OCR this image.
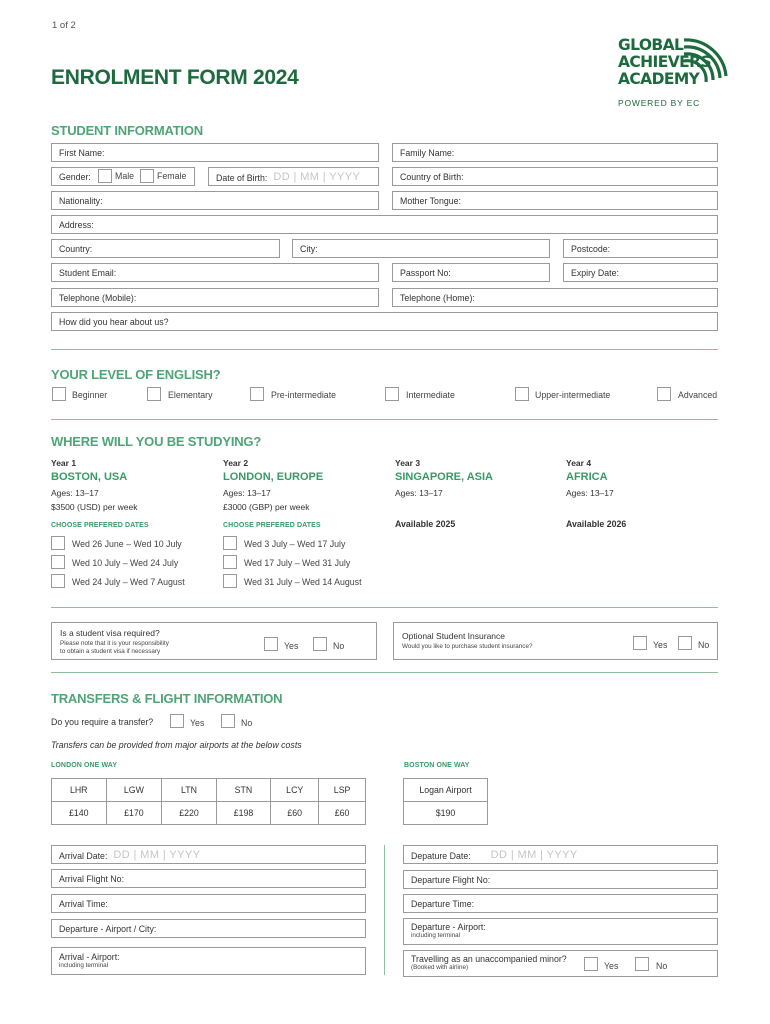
1 of 2
ENROLMENT FORM 2024
GLOBAL
ACHIEVERS
ACADEMY
POWERED BY EC
STUDENT INFORMATION
First Name:	Family Name:
Gender:	Male	Female	Date of Birth: DD | MM | YYYY	Country of Birth:
Nationality:	Mother Tongue:
Address:
Country:	City:	Postcode:
Student Email:	Passport No:	Expiry Date:
Telephone (Mobile):	Telephone (Home):
How did you hear about us?
YOUR LEVEL OF ENGLISH?
Beginner	Elementary	Pre-intermediate	Intermediate	Upper-intermediate	Advanced
WHERE WILL YOU BE STUDYING?
Year 1
BOSTON, USA
Ages: 13–17
$3500 (USD) per week
CHOOSE PREFERED DATES
Wed 26 June – Wed 10 July
Wed 10 July – Wed 24 July
Wed 24 July – Wed 7 August
Year 2
LONDON, EUROPE
Ages: 13–17
£3000 (GBP) per week
CHOOSE PREFERED DATES
Wed 3 July – Wed 17 July
Wed 17 July – Wed 31 July
Wed 31 July – Wed 14 August
Year 3
SINGAPORE, ASIA
Ages: 13–17
Available 2025
Year 4
AFRICA
Ages: 13–17
Available 2026
Is a student visa required?
Please note that it is your responsibility
to obtain a student visa if necessary
Yes	No
Optional Student Insurance
Would you like to purchase student insurance?	Yes	No
TRANSFERS & FLIGHT INFORMATION
Do you require a transfer?	Yes	No
Transfers can be provided from major airports at the below costs
LONDON ONE WAY	BOSTON ONE WAY
LHR	LGW	LTN	STN	LCY	LSP
£140	£170	£220	£198	£60	£60
Logan Airport
$190
Arrival Date: DD | MM | YYYY
Arrival Flight No:
Arrival Time:
Departure - Airport / City:
Arrival - Airport:
including terminal
Depature Date: DD | MM | YYYY
Departure Flight No:
Departure Time:
Departure - Airport:
including terminal
Travelling as an unaccompanied minor?
(Booked with airline)	Yes	No
